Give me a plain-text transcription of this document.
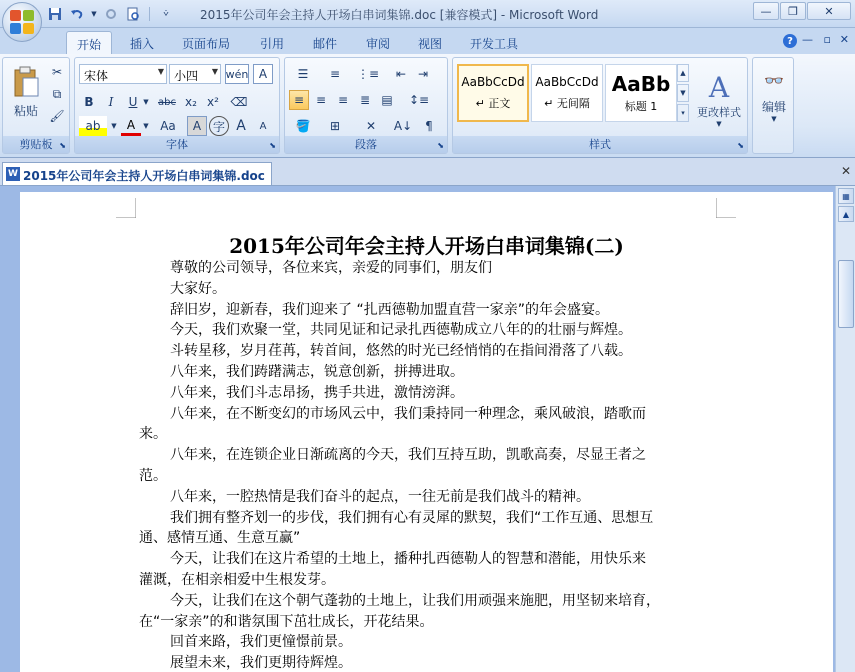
▼	⩒	2015年公司年会主持人开场白串词集锦.doc [兼容模式] - Microsoft Word	—	❐	✕
开始	插入	页面布局	引用	邮件	审阅	视图	开发工具	? — ▫ ✕
粘贴
✂
⧉
🖌
剪贴板 ⬊
宋体	▼ 小四 ▼ wén A
B	I	U ▼ abc x₂ x² ⌫
ab	▼ A	▼ Aa	A 字 A	A
字体	⬊
☰	≡	⋮≡	⇤ ⇥
≡ ≡ ≡ ≣ ▤	↕≡
🪣	⊞	✕	A↓	¶
段落	⬊
AaBbCcDd
↵ 正文
AaBbCcDd
↵ 无间隔
AaBb
标题 1
▲
▼
▾
A
更改样式
▼
样式	⬊
👓
编辑
▼
W 2015年公司年会主持人开场白串词集锦.doc	✕
2015年公司年会主持人开场白串词集锦(二)
尊敬的公司领导，各位来宾，亲爱的同事们，朋友们
大家好。
辞旧岁，迎新春，我们迎来了 “扎西德勒加盟直营一家亲”的年会盛宴。
今天，我们欢聚一堂，共同见证和记录扎西德勒成立八年的的壮丽与辉煌。
斗转星移，岁月荏苒，转首间，悠然的时光已经悄悄的在指间滑落了八载。
八年来，我们踌躇满志，锐意创新，拼搏进取。
八年来，我们斗志昂扬，携手共进，激情滂湃。
八年来，在不断变幻的市场风云中，我们秉持同一种理念，乘风破浪，踏歌而
来。
八年来，在连锁企业日渐疏离的今天，我们互持互助，凯歌高奏，尽显王者之
范。
八年来，一腔热情是我们奋斗的起点，一往无前是我们战斗的精神。
我们拥有整齐划一的步伐，我们拥有心有灵犀的默契，我们“工作互通、思想互
通、感情互通、生意互赢”
今天，让我们在这片希望的土地上，播种扎西德勒人的智慧和潜能，用快乐来
灌溉，在相亲相爱中生根发芽。
今天，让我们在这个朝气蓬勃的土地上，让我们用顽强来施肥，用坚韧来培育，
在“一家亲”的和谐氛围下茁壮成长，开花结果。
回首来路，我们更憧憬前景。
展望未来，我们更期待辉煌。
▦
▲
